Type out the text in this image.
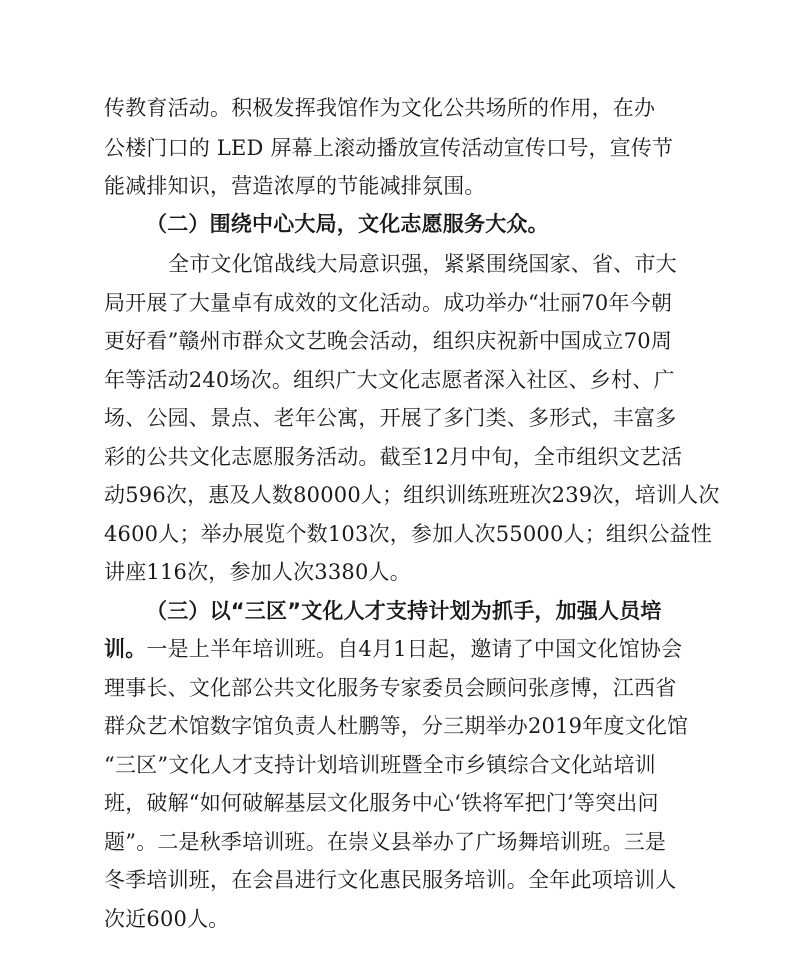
传教育活动。积极发挥我馆作为文化公共场所的作用，在办
公楼门口的 LED 屏幕上滚动播放宣传活动宣传口号，宣传节
能减排知识，营造浓厚的节能减排氛围。
（二）围绕中心大局，文化志愿服务大众。
全市文化馆战线大局意识强，紧紧围绕国家、省、市大
局开展了大量卓有成效的文化活动。成功举办“壮丽70年今朝
更好看”赣州市群众文艺晚会活动，组织庆祝新中国成立70周
年等活动240场次。组织广大文化志愿者深入社区、乡村、广
场、公园、景点、老年公寓，开展了多门类、多形式，丰富多
彩的公共文化志愿服务活动。截至12月中旬，全市组织文艺活
动596次，惠及人数80000人；组织训练班班次239次，培训人次
4600人；举办展览个数103次，参加人次55000人；组织公益性
讲座116次，参加人次3380人。
（三）以“三区”文化人才支持计划为抓手，加强人员培
训。一是上半年培训班。自4月1日起，邀请了中国文化馆协会
理事长、文化部公共文化服务专家委员会顾问张彦博，江西省
群众艺术馆数字馆负责人杜鹏等，分三期举办2019年度文化馆
“三区”文化人才支持计划培训班暨全市乡镇综合文化站培训
班，破解“如何破解基层文化服务中心‘铁将军把门’等突出问
题”。二是秋季培训班。在崇义县举办了广场舞培训班。三是
冬季培训班，在会昌进行文化惠民服务培训。全年此项培训人
次近600人。
